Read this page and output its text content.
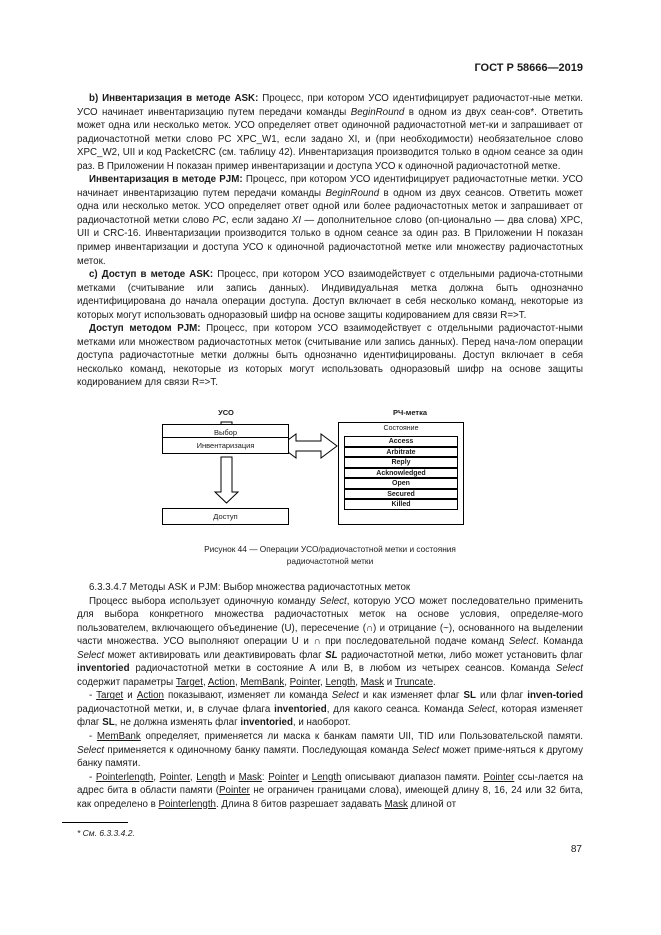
ГОСТ Р 58666—2019

b) Инвентаризация в методе ASK: Процесс, при котором УСО идентифицирует радиочастот-ные метки. УСО начинает инвентаризацию путем передачи команды BeginRound в одном из двух сеан-сов*. Ответить может одна или несколько меток. УСО определяет ответ одиночной радиочастотной мет-ки и запрашивает от радиочастотной метки слово PC XPC_W1, если задано XI, и (при необходимости) необязательное слово XPC_W2, UII и код PacketCRC (см. таблицу 42). Инвентаризация производится только в одном сеансе за один раз. В Приложении Н показан пример инвентаризации и доступа УСО к одиночной радиочастотной метке.

Инвентаризация в методе PJM: Процесс, при котором УСО идентифицирует радиочастотные метки. УСО начинает инвентаризацию путем передачи команды BeginRound в одном из двух сеансов. Ответить может одна или несколько меток. УСО определяет ответ одной или более радиочастотных меток и запрашивает от радиочастотной метки слово PC, если задано XI — дополнительное слово (оп-ционально — два слова) XPC, UII и CRC-16. Инвентаризации производится только в одном сеансе за один раз. В Приложении Н показан пример инвентаризации и доступа УСО к одиночной радиочастотной метке или множеству радиочастотных меток.

c) Доступ в методе ASK: Процесс, при котором УСО взаимодействует с отдельными радиоча-стотными метками (считывание или запись данных). Индивидуальная метка должна быть однозначно идентифицирована до начала операции доступа. Доступ включает в себя несколько команд, некоторые из которых могут использовать одноразовый шифр на основе защиты кодированием для связи R=>T.

Доступ методом PJM: Процесс, при котором УСО взаимодействует с отдельными радиочастот-ными метками или множеством радиочастотных меток (считывание или запись данных). Перед нача-лом операции доступа радиочастотные метки должны быть однозначно идентифицированы. Доступ включает в себя несколько команд, некоторые из которых могут использовать одноразовый шифр на основе защиты кодированием для связи R=>T.

УСО
Выбор
Инвентаризация
Доступ
РЧ-метка
Состояние
Access
Arbitrate
Reply
Acknowledged
Open
Secured
Killed
Рисунок 44 — Операции УСО/радиочастотной метки и состояния
радиочастотной метки

6.3.3.4.7 Методы ASK и PJM: Выбор множества радиочастотных меток

Процесс выбора использует одиночную команду Select, которую УСО может последовательно применить для выбора конкретного множества радиочастотных меток на основе условия, определяе-мого пользователем, включающего объединение (U), пересечение (∩) и отрицание (~), основанного на выделении части множества. УСО выполняют операции U и ∩ при последовательной подаче команд Select. Команда Select может активировать или деактивировать флаг SL радиочастотной метки, либо может установить флаг inventoried радиочастотной метки в состояние А или В, в любом из четырех сеансов. Команда Select содержит параметры Target, Action, MemBank, Pointer, Length, Mask и Truncate.

- Target и Action показывают, изменяет ли команда Select и как изменяет флаг SL или флаг inven-toried радиочастотной метки, и, в случае флага inventoried, для какого сеанса. Команда Select, которая изменяет флаг SL, не должна изменять флаг inventoried, и наоборот.

- MemBank определяет, применяется ли маска к банкам памяти UII, TID или Пользовательской памяти. Select применяется к одиночному банку памяти. Последующая команда Select может приме-няться к другому банку памяти.

- Pointerlength, Pointer, Length и Mask: Pointer и Length описывают диапазон памяти. Pointer ссы-лается на адрес бита в области памяти (Pointer не ограничен границами слова), имеющей длину 8, 16, 24 или 32 бита, как определено в Pointerlength. Длина 8 битов разрешает задавать Mask длиной от

* См. 6.3.3.4.2.
87
